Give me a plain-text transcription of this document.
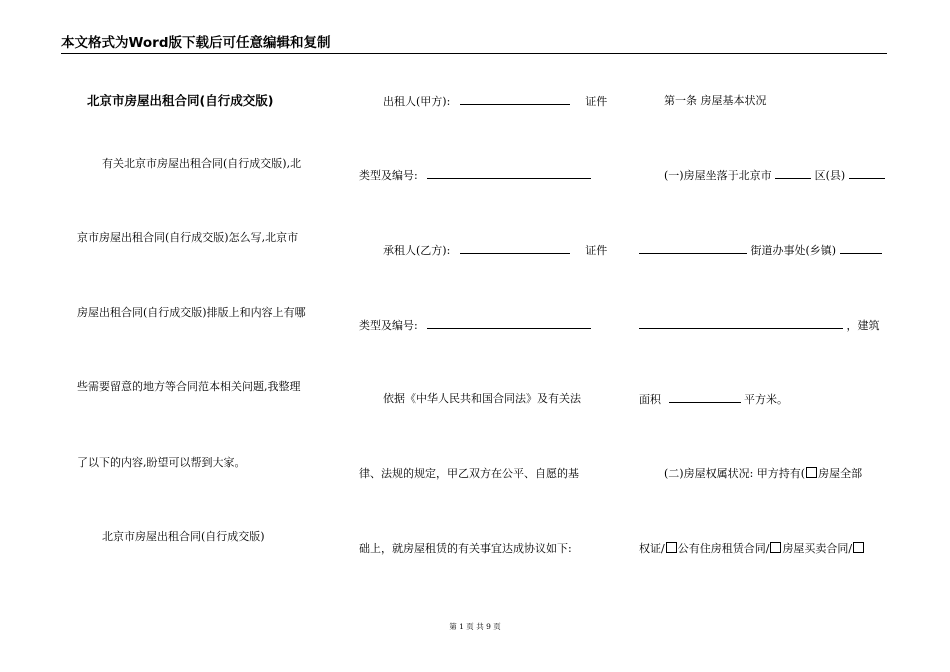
本文格式为Word版下载后可任意编辑和复制
北京市房屋出租合同(自行成交版)
有关北京市房屋出租合同(自行成交版),北
京市房屋出租合同(自行成交版)怎么写,北京市
房屋出租合同(自行成交版)排版上和内容上有哪
些需要留意的地方等合同范本相关问题,我整理
了以下的内容,盼望可以帮到大家。
北京市房屋出租合同(自行成交版)
出租人(甲方):	证件
类型及编号:
承租人(乙方):	证件
类型及编号:
依据《中华人民共和国合同法》及有关法
律、法规的规定，甲乙双方在公平、自愿的基
础上，就房屋租赁的有关事宜达成协议如下:
第一条 房屋基本状况
(一)房屋坐落于北京市	区(县)
街道办事处(乡镇)
，建筑
面积	平方米。
(二)房屋权属状况: 甲方持有( 房屋全部
权证/ 公有住房租赁合同/ 房屋买卖合同/
第 1 页 共 9 页
